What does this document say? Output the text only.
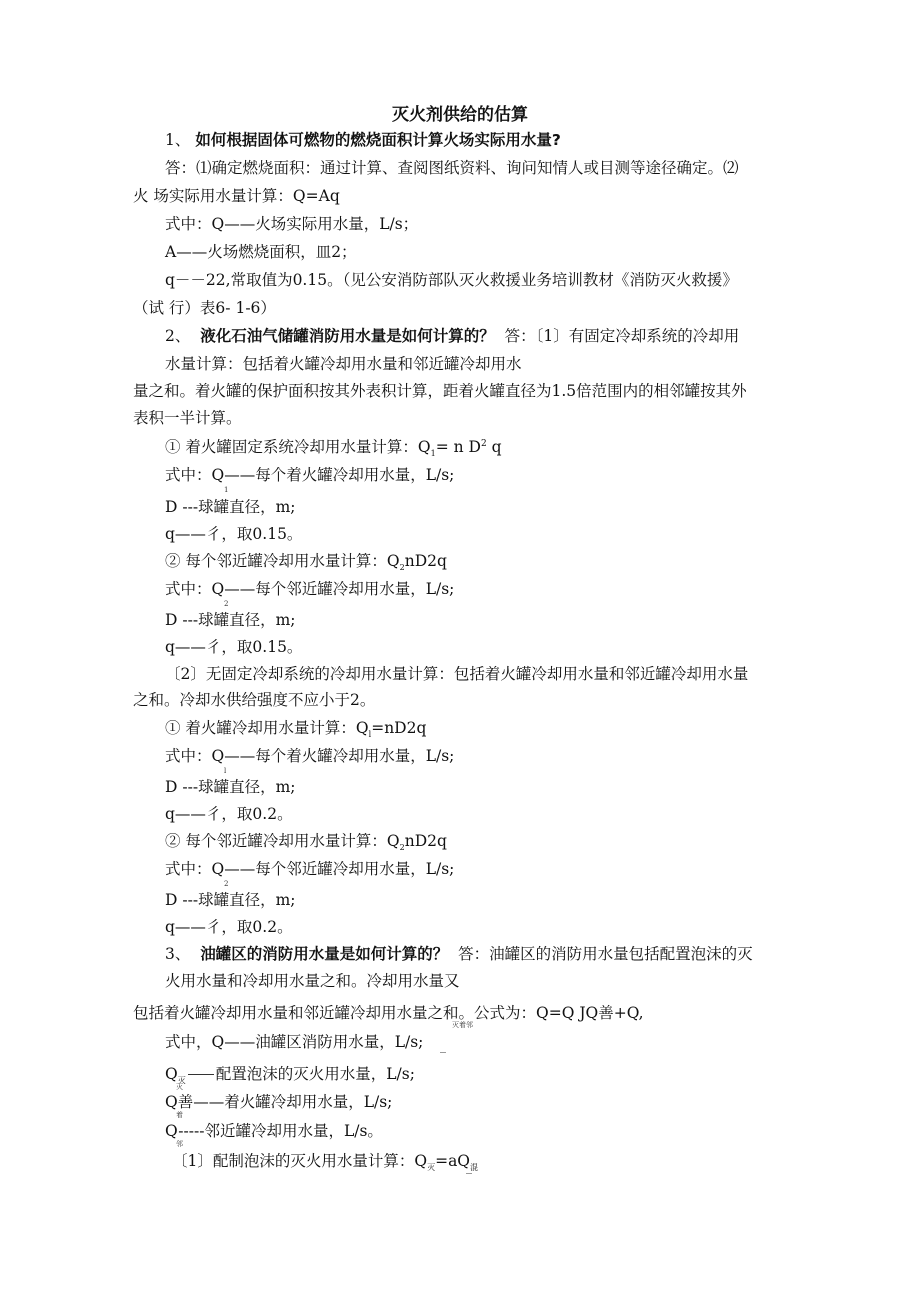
灭火剂供给的估算
1、 如何根据固体可燃物的燃烧面积计算火场实际用水量?
答：⑴确定燃烧面积：通过计算、查阅图纸资料、询问知情人或目测等途径确定。⑵
火 场实际用水量计算：Q=Aq
式中：Q——火场实际用水量，L/s；
A——火场燃烧面积，皿2；
q－－22,常取值为0.15。（见公安消防部队灭火救援业务培训教材《消防灭火救援》
（试 行）表6- 1-6）
2、 液化石油气储罐消防用水量是如何计算的？ 答：〔1〕有固定冷却系统的冷却用
水量计算：包括着火罐冷却用水量和邻近罐冷却用水
量之和。着火罐的保护面积按其外表积计算，距着火罐直径为1.5倍范围内的相邻罐按其外
表积一半计算。
① 着火罐固定系统冷却用水量计算：$Q_1= n$ $D^2$ q
式中：Q——每个着火罐冷却用水量，L/s;
1
D ---球罐直径，m;
q——彳，取0.15。
② 每个邻近罐冷却用水量计算：$Q_2nD2q$
式中：Q——每个邻近罐冷却用水量，L/s;
2
D ---球罐直径，m;
q——彳，取0.15。
〔2〕无固定冷却系统的冷却用水量计算：包括着火罐冷却用水量和邻近罐冷却用水量
之和。冷却水供给强度不应小于2。
① 着火罐冷却用水量计算：$Q_l=nD2q$
式中：Q——每个着火罐冷却用水量，L/s;
l
D ---球罐直径，m;
q——彳，取0.2。
② 每个邻近罐冷却用水量计算：$Q_2nD2q$
式中：Q——每个邻近罐冷却用水量，L/s;
2
D ---球罐直径，m;
q——彳，取0.2。
3、 油罐区的消防用水量是如何计算的？ 答：油罐区的消防用水量包括配置泡沫的灭
火用水量和冷却用水量之和。冷却用水量又
包括着火罐冷却用水量和邻近罐冷却用水量之和。公式为：Q=Q JQ善+Q,
灭着邻
式中，Q——油罐区消防用水量，L/s;
$Q_灭$ 配置泡沫的灭火用水量，L/s;
灭
Q善——着火罐冷却用水量，L/s;
着
Q-----邻近罐冷却用水量，L/s。
邻
〔1〕配制泡沫的灭火用水量计算：$Q_灭=aQ_混$
